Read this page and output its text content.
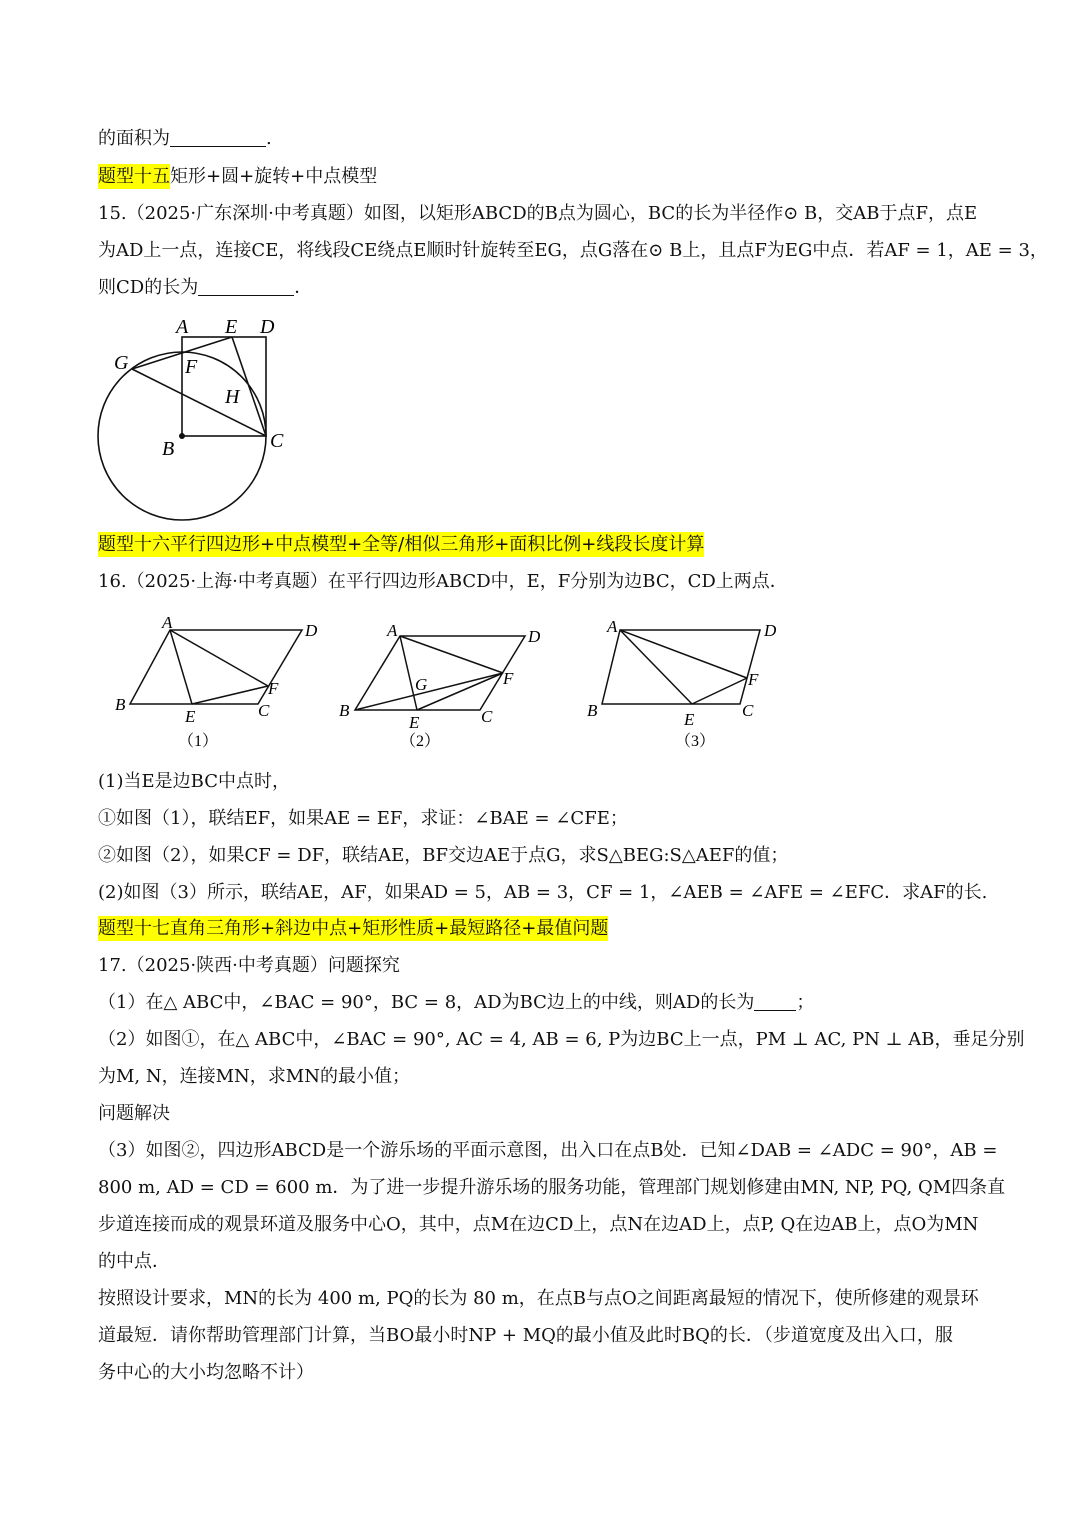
的面积为	.
题型十五矩形+圆+旋转+中点模型
15.（2025·广东深圳·中考真题）如图，以矩形ABCD的B点为圆心，BC的长为半径作⊙ B，交AB于点F，点E
为AD上一点，连接CE，将线段CE绕点E顺时针旋转至EG，点G落在⊙ B上，且点F为EG中点．若AF = 1，AE = 3，
则CD的长为	．
题型十六平行四边形+中点模型+全等/相似三角形+面积比例+线段长度计算
16.（2025·上海·中考真题）在平行四边形ABCD中，E，F分别为边BC，CD上两点．
(1)当E是边BC中点时，
①如图（1），联结EF，如果AE = EF，求证：∠BAE = ∠CFE；
②如图（2），如果CF = DF，联结AE，BF交边AE于点G，求S△BEG:S△AEF的值；
(2)如图（3）所示，联结AE，AF，如果AD = 5，AB = 3，CF = 1，∠AEB = ∠AFE = ∠EFC．求AF的长.
题型十七直角三角形+斜边中点+矩形性质+最短路径+最值问题
17.（2025·陕西·中考真题）问题探究
（1）在△ ABC中，∠BAC = 90°，BC = 8，AD为BC边上的中线，则AD的长为 ；
（2）如图①，在△ ABC中，∠BAC = 90°, AC = 4, AB = 6, P为边BC上一点，PM ⊥ AC, PN ⊥ AB，垂足分别
为M, N，连接MN，求MN的最小值；
问题解决
（3）如图②，四边形ABCD是一个游乐场的平面示意图，出入口在点B处．已知∠DAB = ∠ADC = 90°，AB =
800 m, AD = CD = 600 m．为了进一步提升游乐场的服务功能，管理部门规划修建由MN, NP, PQ, QM四条直
步道连接而成的观景环道及服务中心O，其中，点M在边CD上，点N在边AD上，点P, Q在边AB上，点O为MN
的中点．
按照设计要求，MN的长为 400 m, PQ的长为 80 m，在点B与点O之间距离最短的情况下，使所修建的观景环
道最短．请你帮助管理部门计算，当BO最小时NP + MQ的最小值及此时BQ的长．（步道宽度及出入口，服
务中心的大小均忽略不计）
A E D
G	F
H
B	C
A	D
B
E	C
F
（1）
A	D
B
E	C
F
G
（2）
A	D
B	E	C
F
（3）
